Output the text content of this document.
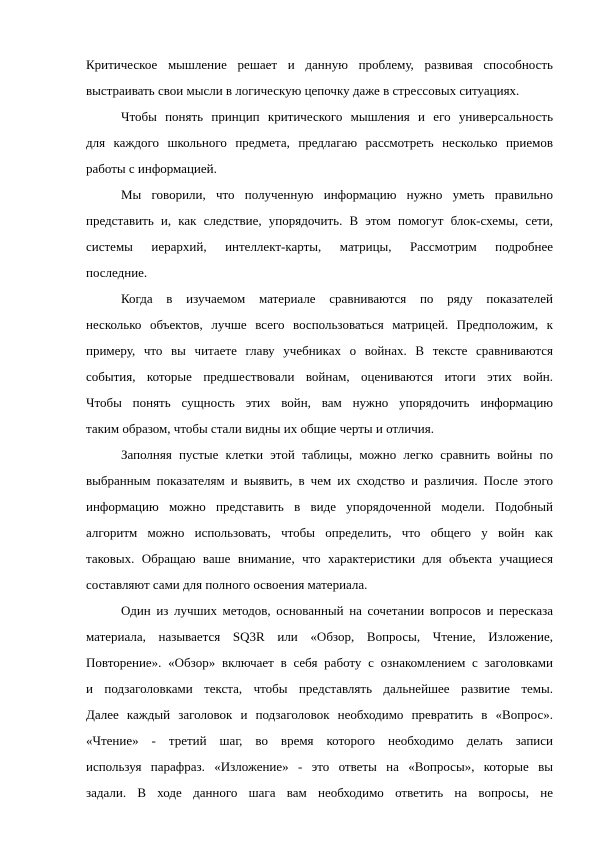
Критическое мышление решает и данную проблему, развивая способность
выстраивать свои мысли в логическую цепочку даже в стрессовых ситуациях.
Чтобы понять принцип критического мышления и его универсальность
для каждого школьного предмета, предлагаю рассмотреть несколько приемов
работы с информацией.
Мы говорили, что полученную информацию нужно уметь правильно
представить и, как следствие, упорядочить. В этом помогут блок-схемы, сети,
системы иерархий, интеллект-карты, матрицы, Рассмотрим подробнее
последние.
Когда в изучаемом материале сравниваются по ряду показателей
несколько объектов, лучше всего воспользоваться матрицей. Предположим, к
примеру, что вы читаете главу учебниках о войнах. В тексте сравниваются
события, которые предшествовали войнам, оцениваются итоги этих войн.
Чтобы понять сущность этих войн, вам нужно упорядочить информацию
таким образом, чтобы стали видны их общие черты и отличия.
Заполняя пустые клетки этой таблицы, можно легко сравнить войны по
выбранным показателям и выявить, в чем их сходство и различия. После этого
информацию можно представить в виде упорядоченной модели. Подобный
алгоритм можно использовать, чтобы определить, что общего у войн как
таковых. Обращаю ваше внимание, что характеристики для объекта учащиеся
составляют сами для полного освоения материала.
Один из лучших методов, основанный на сочетании вопросов и пересказа
материала, называется SQ3R или «Обзор, Вопросы, Чтение, Изложение,
Повторение». «Обзор» включает в себя работу с ознакомлением с заголовками
и подзаголовками текста, чтобы представлять дальнейшее развитие темы.
Далее каждый заголовок и подзаголовок необходимо превратить в «Вопрос».
«Чтение» - третий шаг, во время которого необходимо делать записи
используя парафраз. «Изложение» - это ответы на «Вопросы», которые вы
задали. В ходе данного шага вам необходимо ответить на вопросы, не
